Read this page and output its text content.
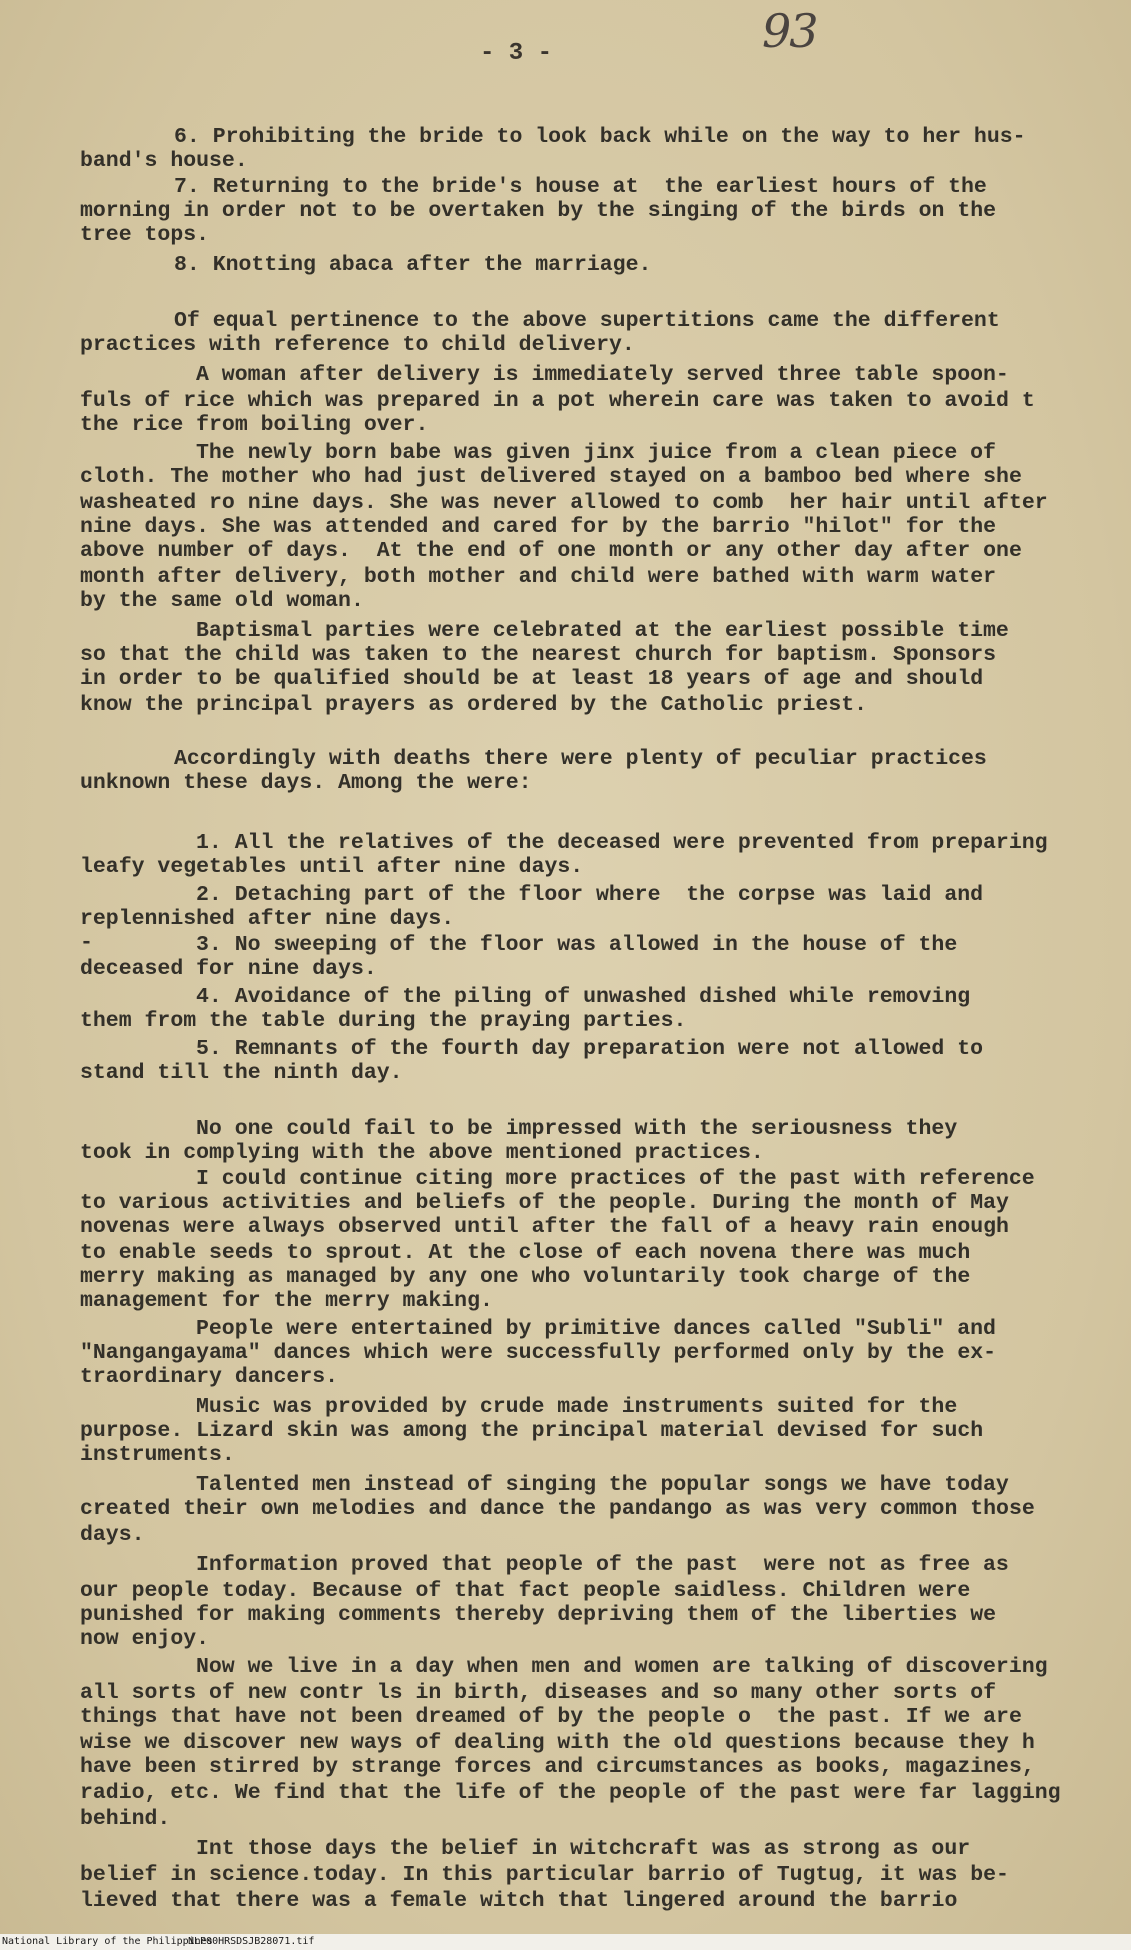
93
- 3 -

6. Prohibiting the bride to look back while on the way to her hus-

band's house.

7. Returning to the bride's house at  the earliest hours of the

morning in order not to be overtaken by the singing of the birds on the

tree tops.

8. Knotting abaca after the marriage.

Of equal pertinence to the above supertitions came the different

practices with reference to child delivery.

A woman after delivery is immediately served three table spoon-

fuls of rice which was prepared in a pot wherein care was taken to avoid t

the rice from boiling over.

The newly born babe was given jinx juice from a clean piece of

cloth. The mother who had just delivered stayed on a bamboo bed where she

washeated ro nine days. She was never allowed to comb  her hair until after

nine days. She was attended and cared for by the barrio "hilot" for the

above number of days.  At the end of one month or any other day after one

month after delivery, both mother and child were bathed with warm water

by the same old woman.

Baptismal parties were celebrated at the earliest possible time

so that the child was taken to the nearest church for baptism. Sponsors

in order to be qualified should be at least 18 years of age and should

know the principal prayers as ordered by the Catholic priest.

Accordingly with deaths there were plenty of peculiar practices

unknown these days. Among the were:

1. All the relatives of the deceased were prevented from preparing

leafy vegetables until after nine days.

2. Detaching part of the floor where  the corpse was laid and

replennished after nine days.

-

	3. No sweeping of the floor was allowed in the house of the

deceased for nine days.

4. Avoidance of the piling of unwashed dished while removing

them from the table during the praying parties.

5. Remnants of the fourth day preparation were not allowed to

stand till the ninth day.

No one could fail to be impressed with the seriousness they

took in complying with the above mentioned practices.

I could continue citing more practices of the past with reference

to various activities and beliefs of the people. During the month of May

novenas were always observed until after the fall of a heavy rain enough

to enable seeds to sprout. At the close of each novena there was much

merry making as managed by any one who voluntarily took charge of the

management for the merry making.

People were entertained by primitive dances called "Subli" and

"Nangangayama" dances which were successfully performed only by the ex-

traordinary dancers.

Music was provided by crude made instruments suited for the

purpose. Lizard skin was among the principal material devised for such

instruments.

Talented men instead of singing the popular songs we have today

created their own melodies and dance the pandango as was very common those

days.

Information proved that people of the past  were not as free as

our people today. Because of that fact people saidless. Children were

punished for making comments thereby depriving them of the liberties we

now enjoy.

Now we live in a day when men and women are talking of discovering

all sorts of new contr ls in birth, diseases and so many other sorts of

things that have not been dreamed of by the people o  the past. If we are

wise we discover new ways of dealing with the old questions because they h

have been stirred by strange forces and circumstances as books, magazines,

radio, etc. We find that the life of the people of the past were far lagging

behind.

Int those days the belief in witchcraft was as strong as our

belief in science.today. In this particular barrio of Tugtug, it was be-

lieved that there was a female witch that lingered around the barrio

National Library of the Philippines
NLP00HRSDSJB28071.tif
